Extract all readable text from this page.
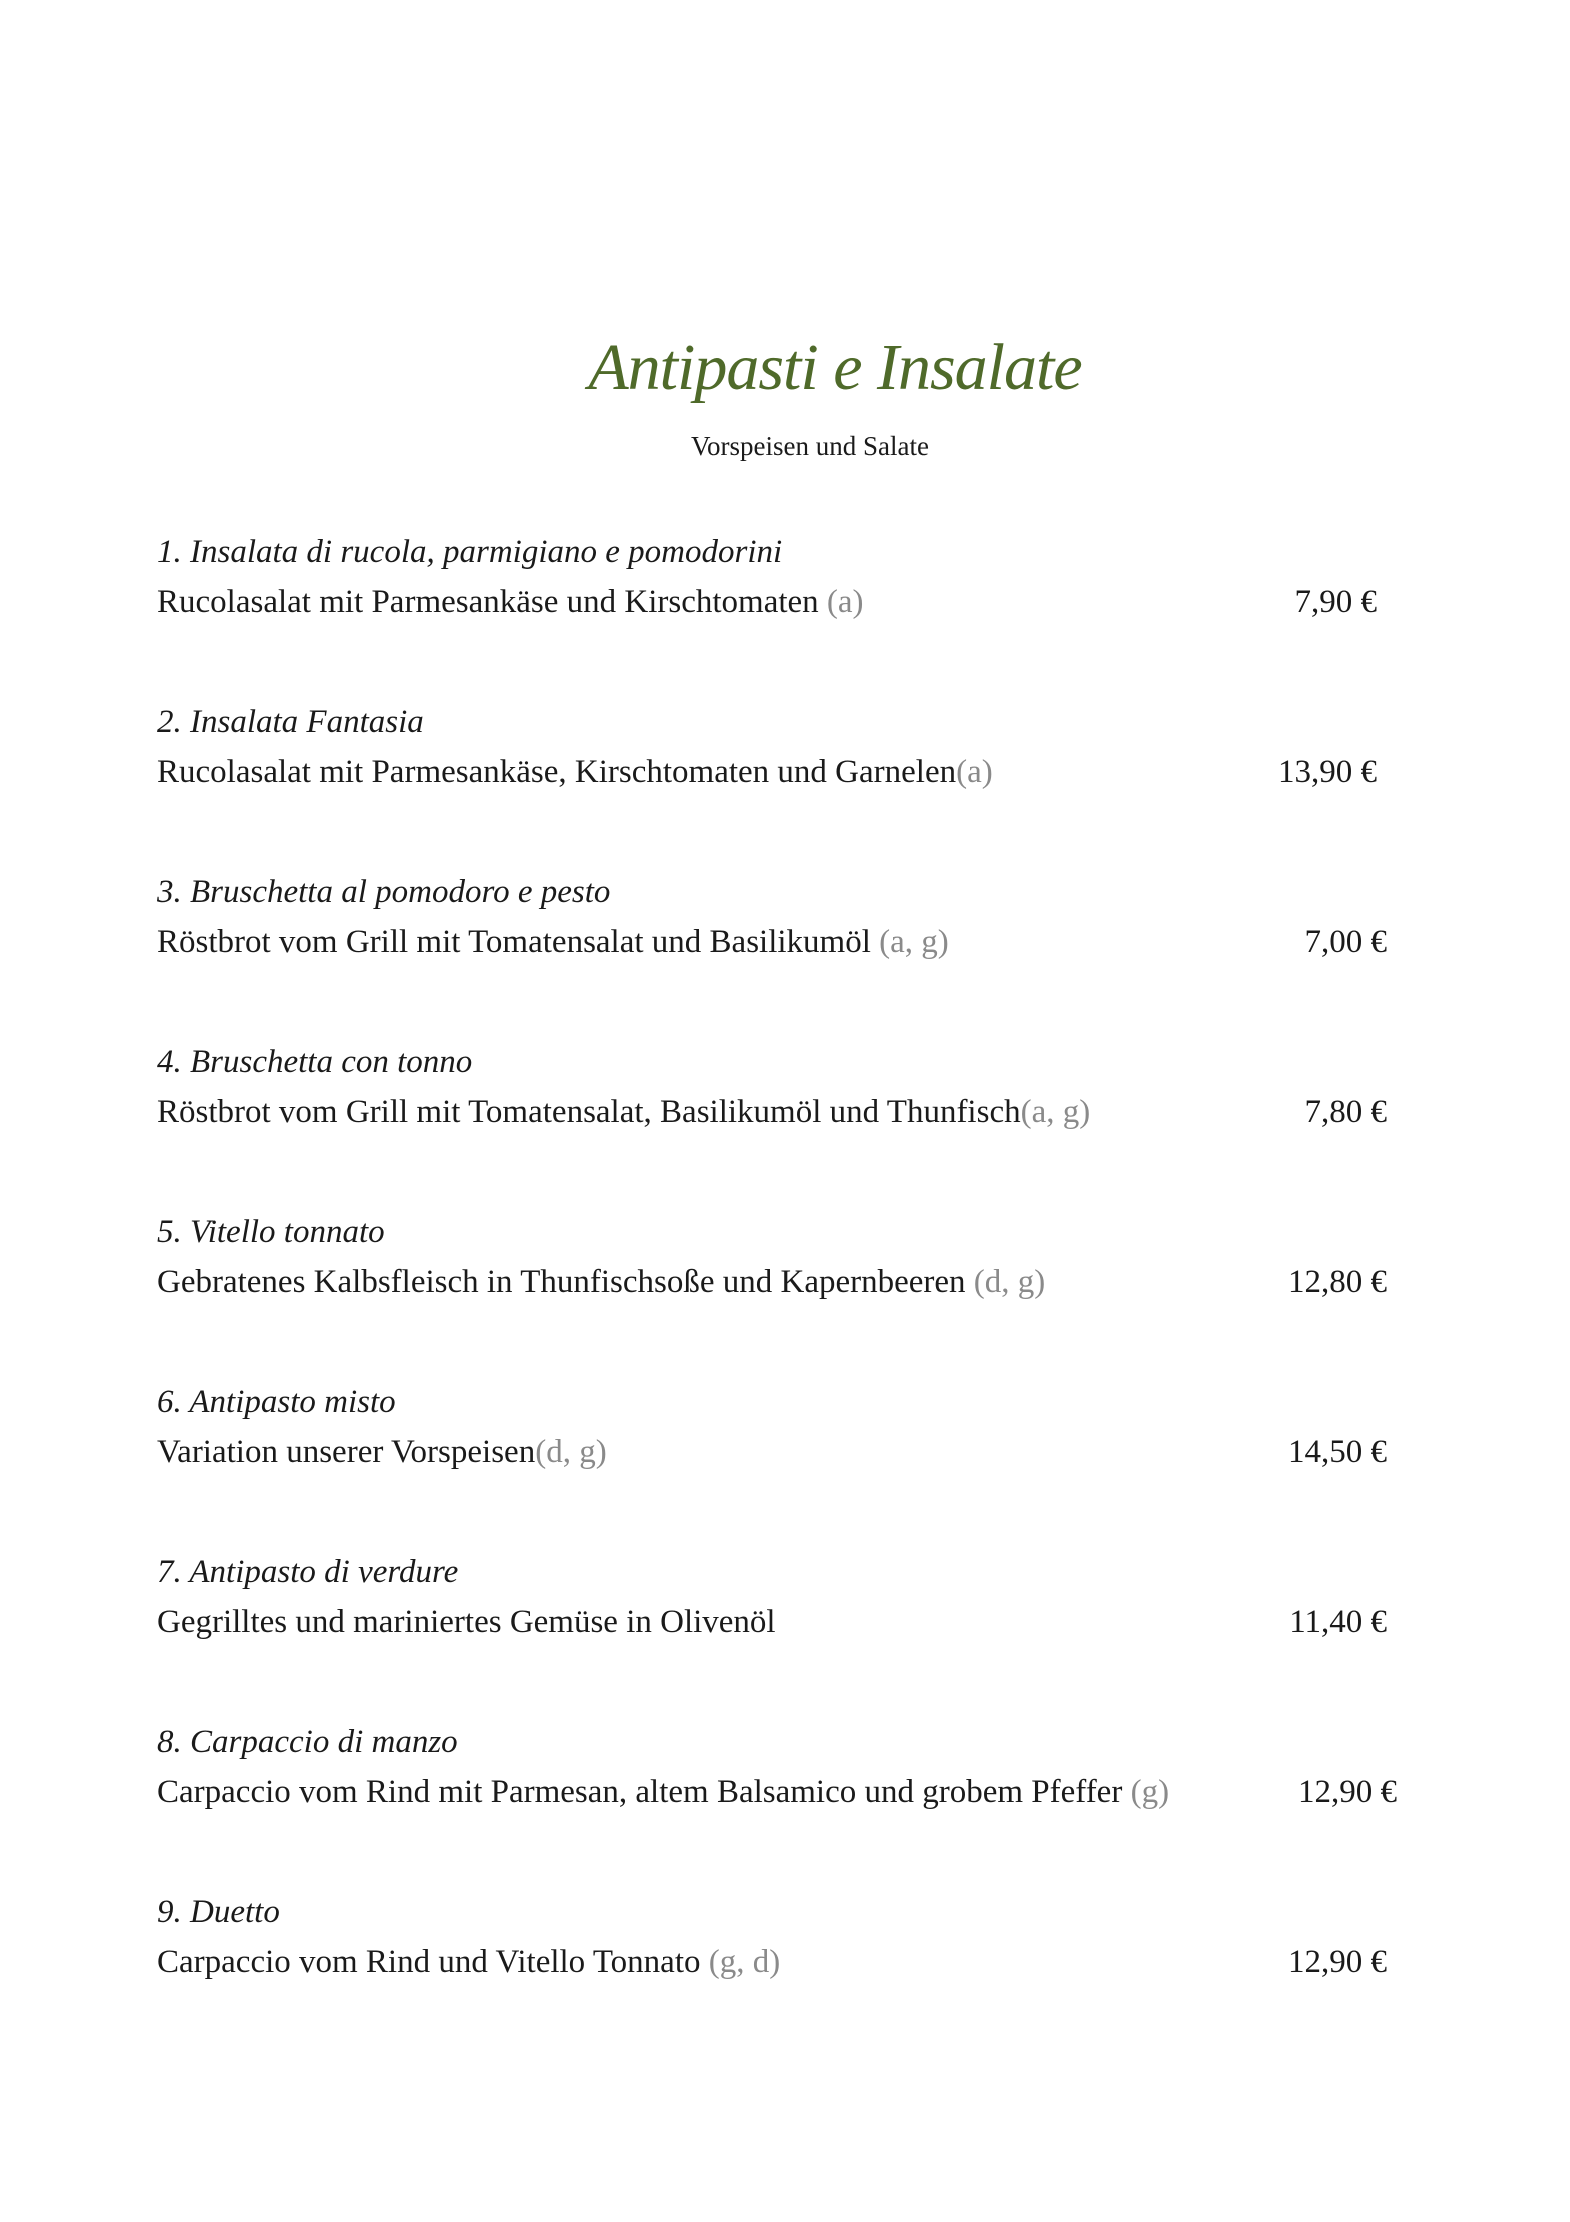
Antipasti e Insalate
Vorspeisen und Salate
1. Insalata di rucola, parmigiano e pomodorini
Rucolasalat mit Parmesankäse und Kirschtomaten (a)	7,90 €
2. Insalata Fantasia
Rucolasalat mit Parmesankäse, Kirschtomaten und Garnelen(a)	13,90 €
3. Bruschetta al pomodoro e pesto
Röstbrot vom Grill mit Tomatensalat und Basilikumöl (a, g)	7,00 €
4. Bruschetta con tonno
Röstbrot vom Grill mit Tomatensalat, Basilikumöl und Thunfisch(a, g)	7,80 €
5. Vitello tonnato
Gebratenes Kalbsfleisch in Thunfischsoße und Kapernbeeren (d, g)	12,80 €
6. Antipasto misto
Variation unserer Vorspeisen(d, g)	14,50 €
7. Antipasto di verdure
Gegrilltes und mariniertes Gemüse in Olivenöl	11,40 €
8. Carpaccio di manzo
Carpaccio vom Rind mit Parmesan, altem Balsamico und grobem Pfeffer (g)	12,90 €
9. Duetto
Carpaccio vom Rind und Vitello Tonnato (g, d)	12,90 €
